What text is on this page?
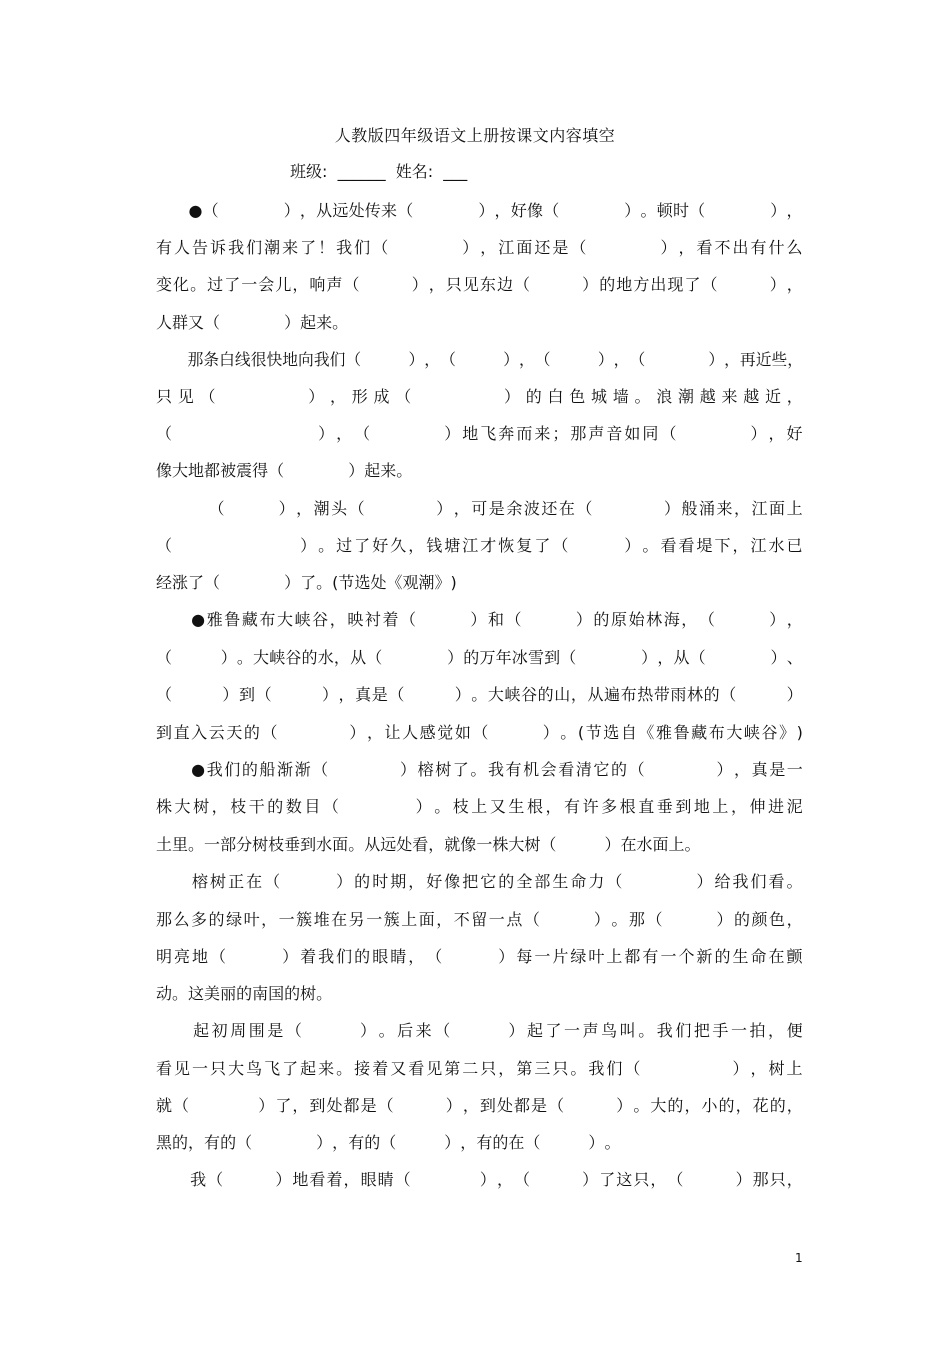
人教版四年级语文上册按课文内容填空
班级:  ______  姓名:  ___

● （

　	） ， 从 远 处 传 来 （

　	） ， 好 像 （

　	） 。 顿 时 （

　	） ，
有 人 告 诉 我 们 潮 来 了 ！ 我 们 （

　	） ， 江 面 还 是 （

　	） ， 看 不 出 有 什 么
变 化 。 过 了 一 会 儿 ， 响 声 （

　	） ， 只 见 东 边 （

　	） 的 地 方 出 现 了 （

　	） ，
人 群 又 （

　	） 起 来 。

那 条 白 线 很 快 地 向 我 们 （

　	） ， （

　	） ， （

　	） ， （

　	） ， 再 近 些 ，
只 见 （

　	） ， 形 成 （

　	） 的 白 色 城 墙 。 浪 潮 越 来 越 近 ，
（

　	） ， （

　	） 地 飞 奔 而 来 ； 那 声 音 如 同 （

　	） ， 好
像 大 地 都 被 震 得 （

　	） 起 来 。

（

　	） ， 潮 头 （

　	） ， 可 是 余 波 还 在 （

　	） 般 涌 来 ， 江 面 上
（

　	） 。 过 了 好 久 ， 钱 塘 江 才 恢 复 了 （

　	） 。 看 看 堤 下 ， 江 水 已
经 涨 了 （

　	） 了 。 ( 节 选 处 《 观 潮 》 )

● 雅 鲁 藏 布 大 峡 谷 ， 映 衬 着 （

　	） 和 （

　	） 的 原 始 林 海 ， （

　	） ，
（

　	） 。 大 峡 谷 的 水 ， 从 （

　	） 的 万 年 冰 雪 到 （

　	） ， 从 （

　	） 、
（

　	） 到 （

　	） ， 真 是 （

　	） 。 大 峡 谷 的 山 ， 从 遍 布 热 带 雨 林 的 （

　	）
到 直 入 云 天 的 （

　	） ， 让 人 感 觉 如 （

　	） 。 ( 节 选 自 《 雅 鲁 藏 布 大 峡 谷 》 )

● 我 们 的 船 渐 渐 （

　	） 榕 树 了 。 我 有 机 会 看 清 它 的 （

　	） ， 真 是 一
株 大 树 ， 枝 干 的 数 目 （

　	） 。 枝 上 又 生 根 ， 有 许 多 根 直 垂 到 地 上 ， 伸 进 泥
土 里 。 一 部 分 树 枝 垂 到 水 面 。 从 远 处 看 ， 就 像 一 株 大 树 （

　	） 在 水 面 上 。

榕 树 正 在 （

　	） 的 时 期 ， 好 像 把 它 的 全 部 生 命 力 （

　	） 给 我 们 看 。
那 么 多 的 绿 叶 ， 一 簇 堆 在 另 一 簇 上 面 ， 不 留 一 点 （

　	） 。 那 （

　	） 的 颜 色 ，
明 亮 地 （

　	） 着 我 们 的 眼 睛 ， （

　	） 每 一 片 绿 叶 上 都 有 一 个 新 的 生 命 在 颤
动 。 这 美 丽 的 南 国 的 树 。

起 初 周 围 是 （

　	） 。 后 来 （

　	） 起 了 一 声 鸟 叫 。 我 们 把 手 一 拍 ， 便
看 见 一 只 大 鸟 飞 了 起 来 。 接 着 又 看 见 第 二 只 ， 第 三 只 。 我 们 （

　	） ， 树 上
就 （

　	） 了 ， 到 处 都 是 （

　	） ， 到 处 都 是 （

　	） 。 大 的 ， 小 的 ， 花 的 ，
黑 的 ， 有 的 （

　	） ， 有 的 （

　	） ， 有 的 在 （

　	） 。

我 （

　	） 地 看 着 ， 眼 睛 （

　	） ， （

　	） 了 这 只 ， （

　	） 那 只 ，
1
